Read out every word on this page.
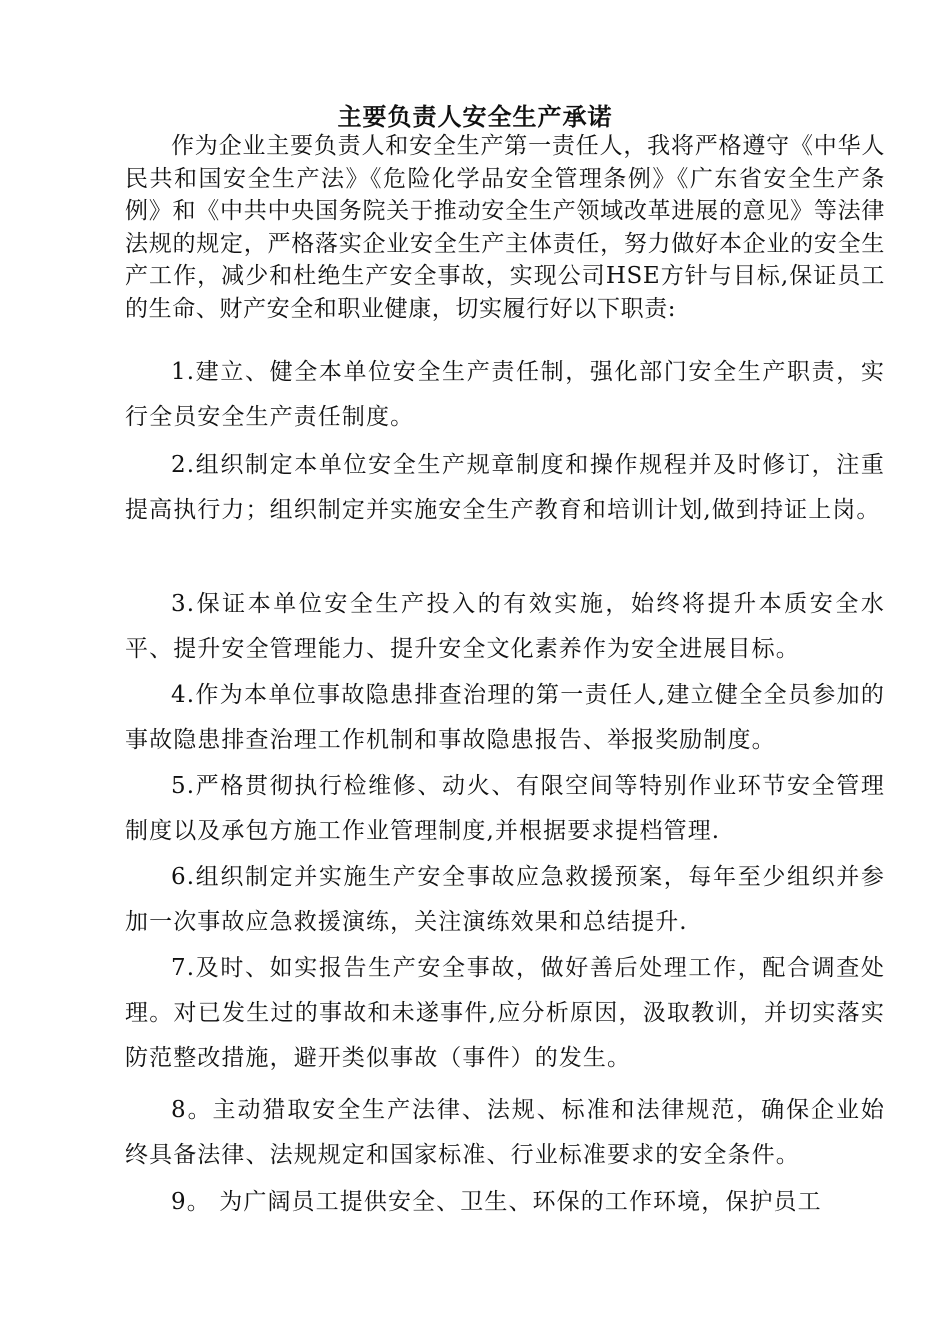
主要负责人安全生产承诺
作为企业主要负责人和安全生产第一责任人，我将严格遵守《中华人民共和国安全生产法》《危险化学品安全管理条例》《广东省安全生产条例》和《中共中央国务院关于推动安全生产领域改革进展的意见》等法律法规的规定，严格落实企业安全生产主体责任，努力做好本企业的安全生产工作，减少和杜绝生产安全事故，实现公司HSE方针与目标,保证员工的生命、财产安全和职业健康，切实履行好以下职责:
1.建立、健全本单位安全生产责任制，强化部门安全生产职责，实行全员安全生产责任制度。
2.组织制定本单位安全生产规章制度和操作规程并及时修订，注重提高执行力；组织制定并实施安全生产教育和培训计划,做到持证上岗。
3.保证本单位安全生产投入的有效实施，始终将提升本质安全水平、提升安全管理能力、提升安全文化素养作为安全进展目标。
4.作为本单位事故隐患排查治理的第一责任人,建立健全全员参加的事故隐患排查治理工作机制和事故隐患报告、举报奖励制度。
5.严格贯彻执行检维修、动火、有限空间等特别作业环节安全管理制度以及承包方施工作业管理制度,并根据要求提档管理.
6.组织制定并实施生产安全事故应急救援预案，每年至少组织并参加一次事故应急救援演练，关注演练效果和总结提升.
7.及时、如实报告生产安全事故，做好善后处理工作，配合调查处理。对已发生过的事故和未遂事件,应分析原因，汲取教训，并切实落实防范整改措施，避开类似事故（事件）的发生。
8。主动猎取安全生产法律、法规、标准和法律规范，确保企业始终具备法律、法规规定和国家标准、行业标准要求的安全条件。
9。 为广阔员工提供安全、卫生、环保的工作环境，保护员工
